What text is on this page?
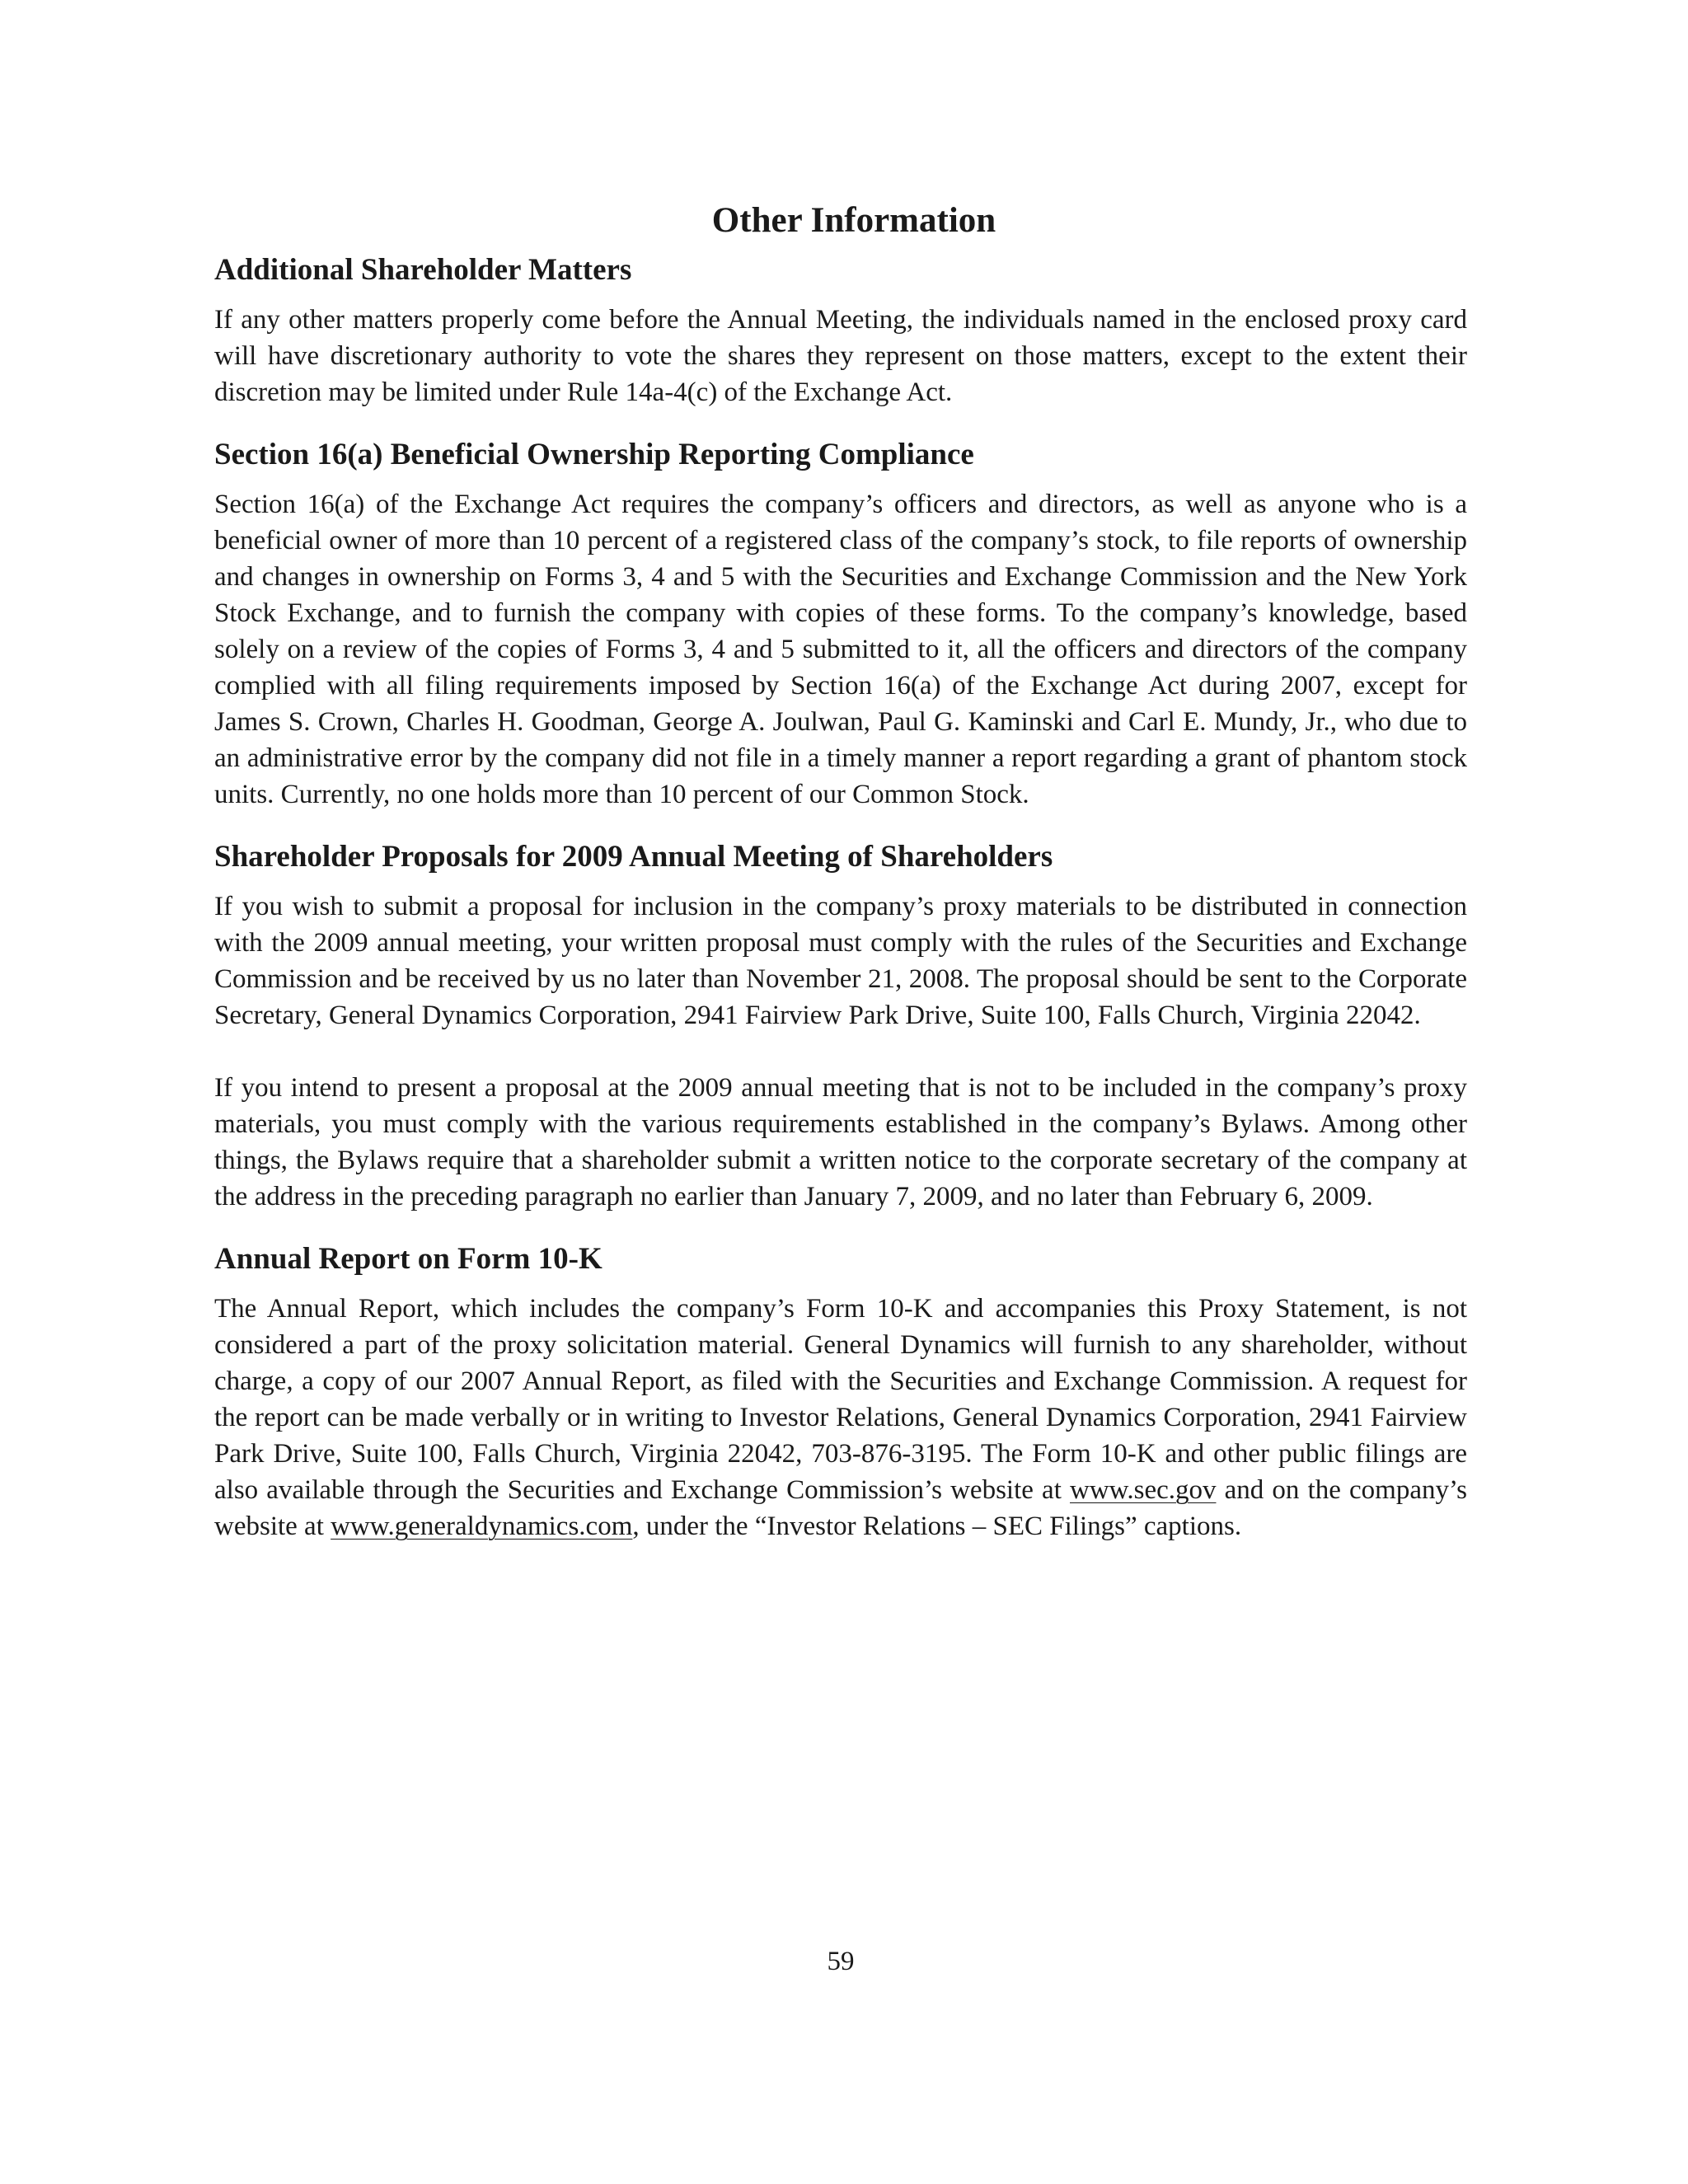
Other Information
Additional Shareholder Matters

If any other matters properly come before the Annual Meeting, the individuals named in the enclosed proxy card will have discretionary authority to vote the shares they represent on those matters, except to the extent their discretion may be limited under Rule 14a-4(c) of the Exchange Act.

Section 16(a) Beneficial Ownership Reporting Compliance

Section 16(a) of the Exchange Act requires the company’s officers and directors, as well as anyone who is a beneficial owner of more than 10 percent of a registered class of the company’s stock, to file reports of ownership and changes in ownership on Forms 3, 4 and 5 with the Securities and Exchange Commission and the New York Stock Exchange, and to furnish the company with copies of these forms. To the company’s knowledge, based solely on a review of the copies of Forms 3, 4 and 5 submitted to it, all the officers and directors of the company complied with all filing requirements imposed by Section 16(a) of the Exchange Act during 2007, except for James S. Crown, Charles H. Goodman, George A. Joulwan, Paul G. Kaminski and Carl E. Mundy, Jr., who due to an administrative error by the company did not file in a timely manner a report regarding a grant of phantom stock units. Currently, no one holds more than 10 percent of our Common Stock.

Shareholder Proposals for 2009 Annual Meeting of Shareholders

If you wish to submit a proposal for inclusion in the company’s proxy materials to be distributed in connection with the 2009 annual meeting, your written proposal must comply with the rules of the Securities and Exchange Commission and be received by us no later than November 21, 2008. The proposal should be sent to the Corporate Secretary, General Dynamics Corporation, 2941 Fairview Park Drive, Suite 100, Falls Church, Virginia 22042.

If you intend to present a proposal at the 2009 annual meeting that is not to be included in the company’s proxy materials, you must comply with the various requirements established in the company’s Bylaws. Among other things, the Bylaws require that a shareholder submit a written notice to the corporate secretary of the company at the address in the preceding paragraph no earlier than January 7, 2009, and no later than February 6, 2009.

Annual Report on Form 10-K

The Annual Report, which includes the company’s Form 10-K and accompanies this Proxy Statement, is not considered a part of the proxy solicitation material. General Dynamics will furnish to any shareholder, without charge, a copy of our 2007 Annual Report, as filed with the Securities and Exchange Commission. A request for the report can be made verbally or in writing to Investor Relations, General Dynamics Corporation, 2941 Fairview Park Drive, Suite 100, Falls Church, Virginia 22042, 703-876-3195. The Form 10-K and other public filings are also available through the Securities and Exchange Commission’s website at www.sec.gov and on the company’s website at www.generaldynamics.com, under the “Investor Relations – SEC Filings” captions.

59
